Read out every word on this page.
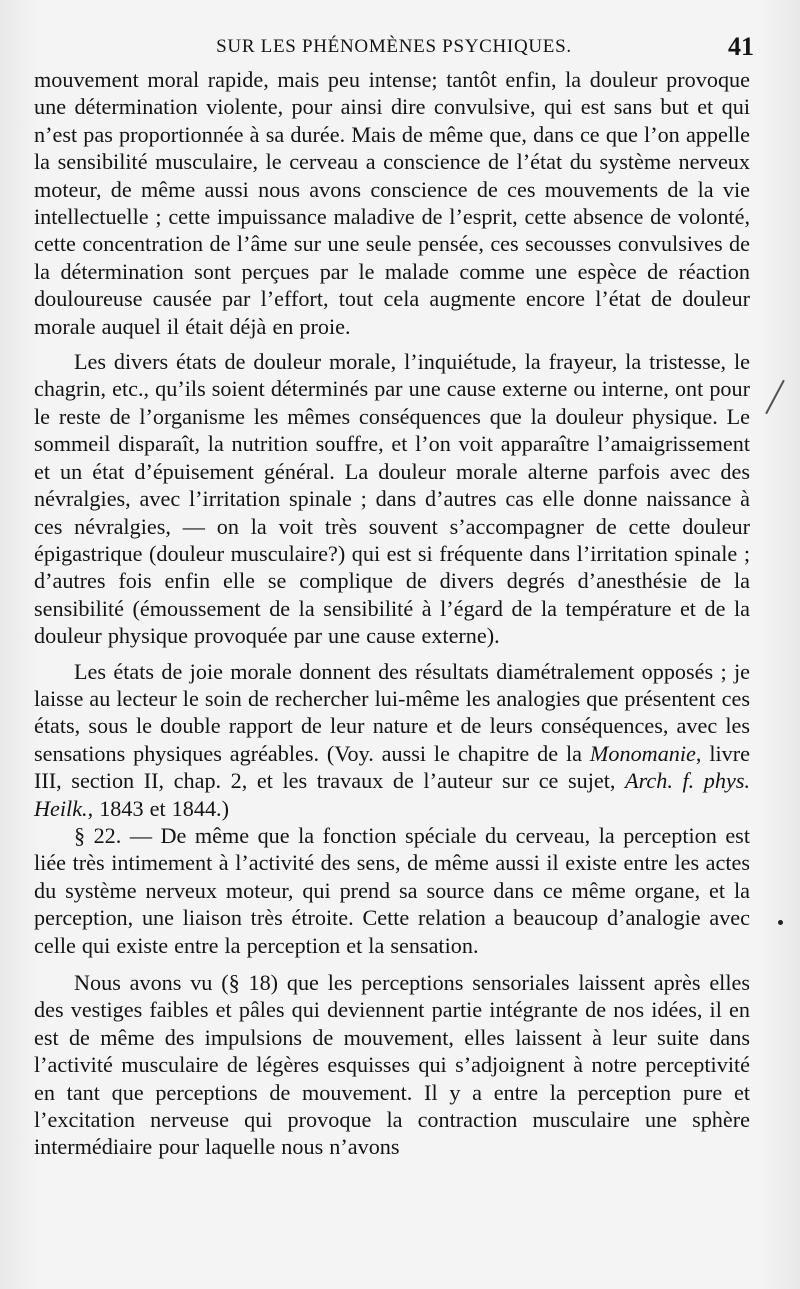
SUR LES PHÉNOMÈNES PSYCHIQUES.	41

mouvement moral rapide, mais peu intense; tantôt enfin, la douleur provoque une détermination violente, pour ainsi dire convulsive, qui est sans but et qui n’est pas proportionnée à sa durée. Mais de même que, dans ce que l’on appelle la sensibilité musculaire, le cerveau a conscience de l’état du système nerveux moteur, de même aussi nous avons conscience de ces mouvements de la vie intellectuelle ; cette impuissance maladive de l’esprit, cette absence de volonté, cette concentration de l’âme sur une seule pensée, ces secousses convulsives de la détermination sont perçues par le malade comme une espèce de réaction douloureuse causée par l’effort, tout cela augmente encore l’état de douleur morale auquel il était déjà en proie.

Les divers états de douleur morale, l’inquiétude, la frayeur, la tristesse, le chagrin, etc., qu’ils soient déterminés par une cause externe ou interne, ont pour le reste de l’organisme les mêmes conséquences que la douleur physique. Le sommeil disparaît, la nutrition souffre, et l’on voit apparaître l’amaigrissement et un état d’épuisement général. La douleur morale alterne parfois avec des névralgies, avec l’irritation spinale ; dans d’autres cas elle donne naissance à ces névralgies, — on la voit très souvent s’accompagner de cette douleur épigastrique (douleur musculaire?) qui est si fréquente dans l’irritation spinale ; d’autres fois enfin elle se complique de divers degrés d’anesthésie de la sensibilité (émoussement de la sensibilité à l’égard de la température et de la douleur physique provoquée par une cause externe).

Les états de joie morale donnent des résultats diamétralement opposés ; je laisse au lecteur le soin de rechercher lui-même les analogies que présentent ces états, sous le double rapport de leur nature et de leurs conséquences, avec les sensations physiques agréables. (Voy. aussi le chapitre de la Monomanie, livre III, section II, chap. 2, et les travaux de l’auteur sur ce sujet, Arch. f. phys. Heilk., 1843 et 1844.)

§ 22. — De même que la fonction spéciale du cerveau, la perception est liée très intimement à l’activité des sens, de même aussi il existe entre les actes du système nerveux moteur, qui prend sa source dans ce même organe, et la perception, une liaison très étroite. Cette relation a beaucoup d’analogie avec celle qui existe entre la perception et la sensation.

Nous avons vu (§ 18) que les perceptions sensoriales laissent après elles des vestiges faibles et pâles qui deviennent partie intégrante de nos idées, il en est de même des impulsions de mouvement, elles laissent à leur suite dans l’activité musculaire de légères esquisses qui s’adjoignent à notre perceptivité en tant que perceptions de mouvement. Il y a entre la perception pure et l’excitation nerveuse qui provoque la contraction musculaire une sphère intermédiaire pour laquelle nous n’avons
